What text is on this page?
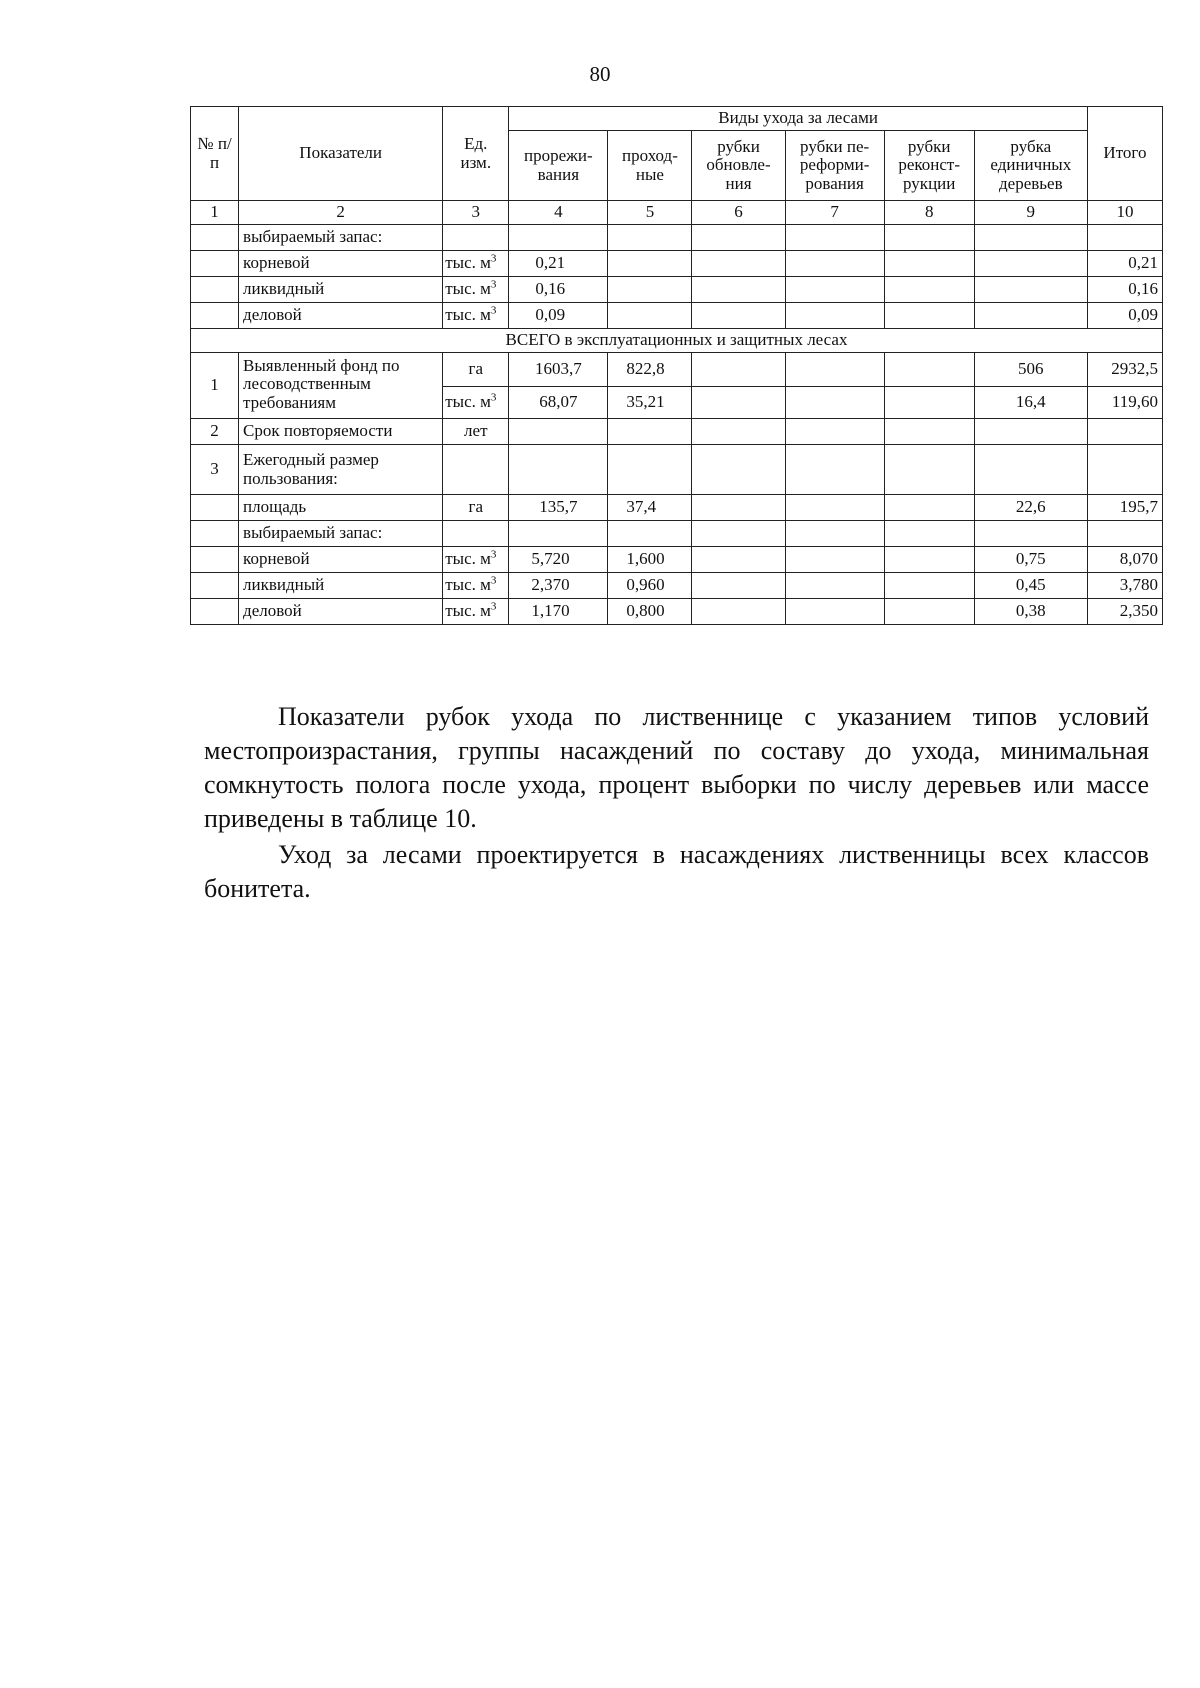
80
№ п/п	Показатели	Ед. изм.	Виды ухода за лесами						Итого
			прорежи-вания	проход-ные	рубки обновле-ния	рубки пе-реформи-рования	рубки реконст-рукции	рубка единичных деревьев	
1	2	3	4	5	6	7	8	9	10
	выбираемый запас:								
	корневой	тыс. $м^3$	0,21						0,21
	ликвидный	тыс. $м^3$	0,16						0,16
	деловой	тыс. $м^3$	0,09						0,09
ВСЕГО в эксплуатационных и защитных лесах									
1	Выявленный фонд по лесоводственным требованиям	га	1603,7	822,8				506	2932,5
		тыс. $м^3$	68,07	35,21				16,4	119,60
2	Срок повторяемости	лет							
3	Ежегодный размер пользования:								
	площадь	га	135,7	37,4				22,6	195,7
	выбираемый запас:								
	корневой	тыс. $м^3$	5,720	1,600				0,75	8,070
	ликвидный	тыс. $м^3$	2,370	0,960				0,45	3,780
	деловой	тыс. $м^3$	1,170	0,800				0,38	2,350

Показатели рубок ухода по лиственнице с указанием типов условий местопроизрастания, группы насаждений по составу до ухода, минимальная сомкнутость полога после ухода, процент выборки по числу деревьев или массе приведены в таблице 10.

Уход за лесами проектируется в насаждениях лиственницы всех классов бонитета.
